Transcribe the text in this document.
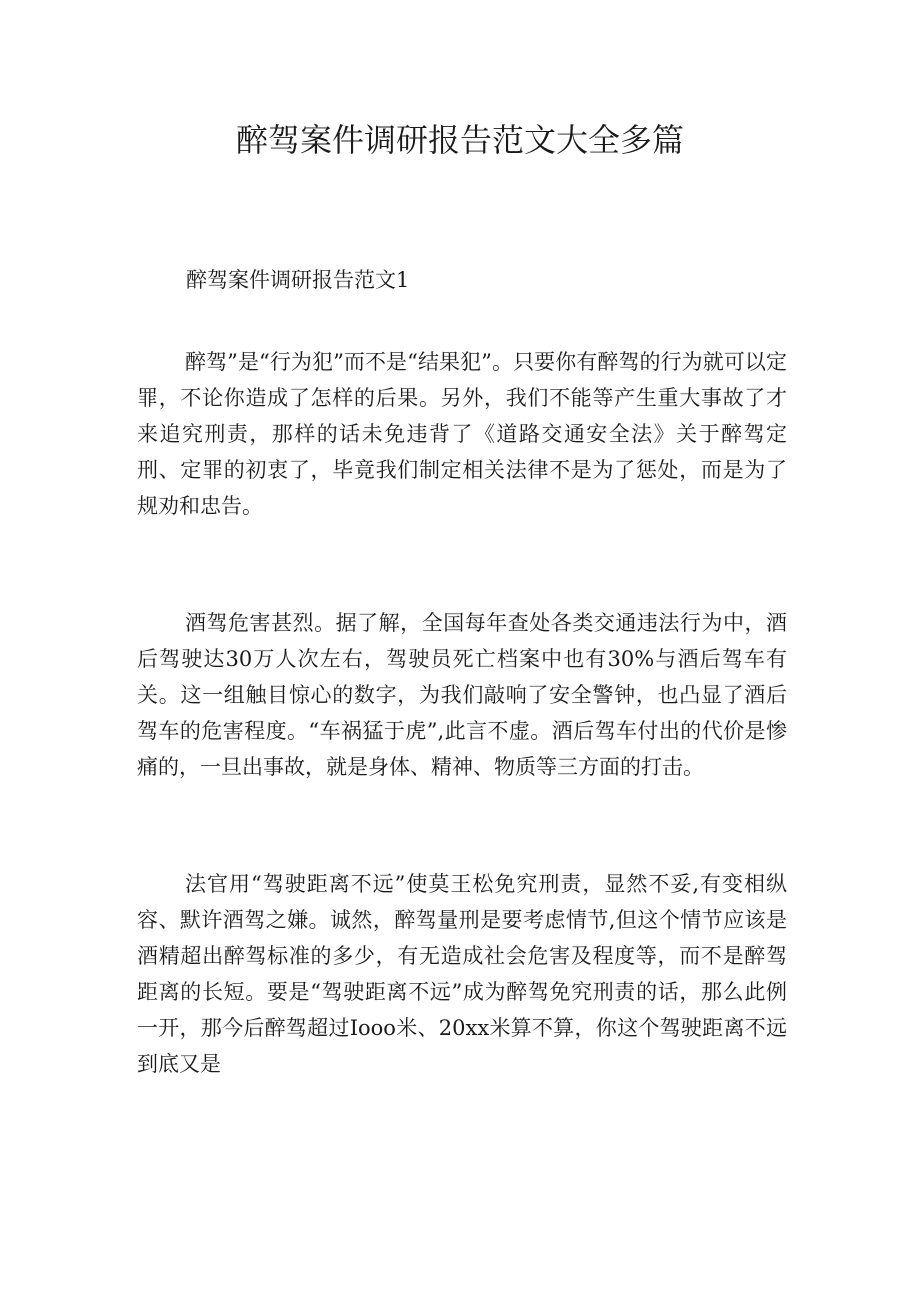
醉驾案件调研报告范文大全多篇

醉驾案件调研报告范文1

醉驾”是“行为犯”而不是“结果犯”。只要你有醉驾的行为就可以定罪，不论你造成了怎样的后果。另外，我们不能等产生重大事故了才来追究刑责，那样的话未免违背了《道路交通安全法》关于醉驾定刑、定罪的初衷了，毕竟我们制定相关法律不是为了惩处，而是为了规劝和忠告。

酒驾危害甚烈。据了解，全国每年查处各类交通违法行为中，酒后驾驶达30万人次左右，驾驶员死亡档案中也有30%与酒后驾车有关。这一组触目惊心的数字，为我们敲响了安全警钟，也凸显了酒后驾车的危害程度。“车祸猛于虎”,此言不虚。酒后驾车付出的代价是惨痛的，一旦出事故，就是身体、精神、物质等三方面的打击。

法官用“驾驶距离不远”使莫王松免究刑责，显然不妥,有变相纵容、默许酒驾之嫌。诚然，醉驾量刑是要考虑情节,但这个情节应该是酒精超出醉驾标准的多少，有无造成社会危害及程度等，而不是醉驾距离的长短。要是“驾驶距离不远”成为醉驾免究刑责的话，那么此例一开，那今后醉驾超过Iooo米、20xx米算不算，你这个驾驶距离不远到底又是
